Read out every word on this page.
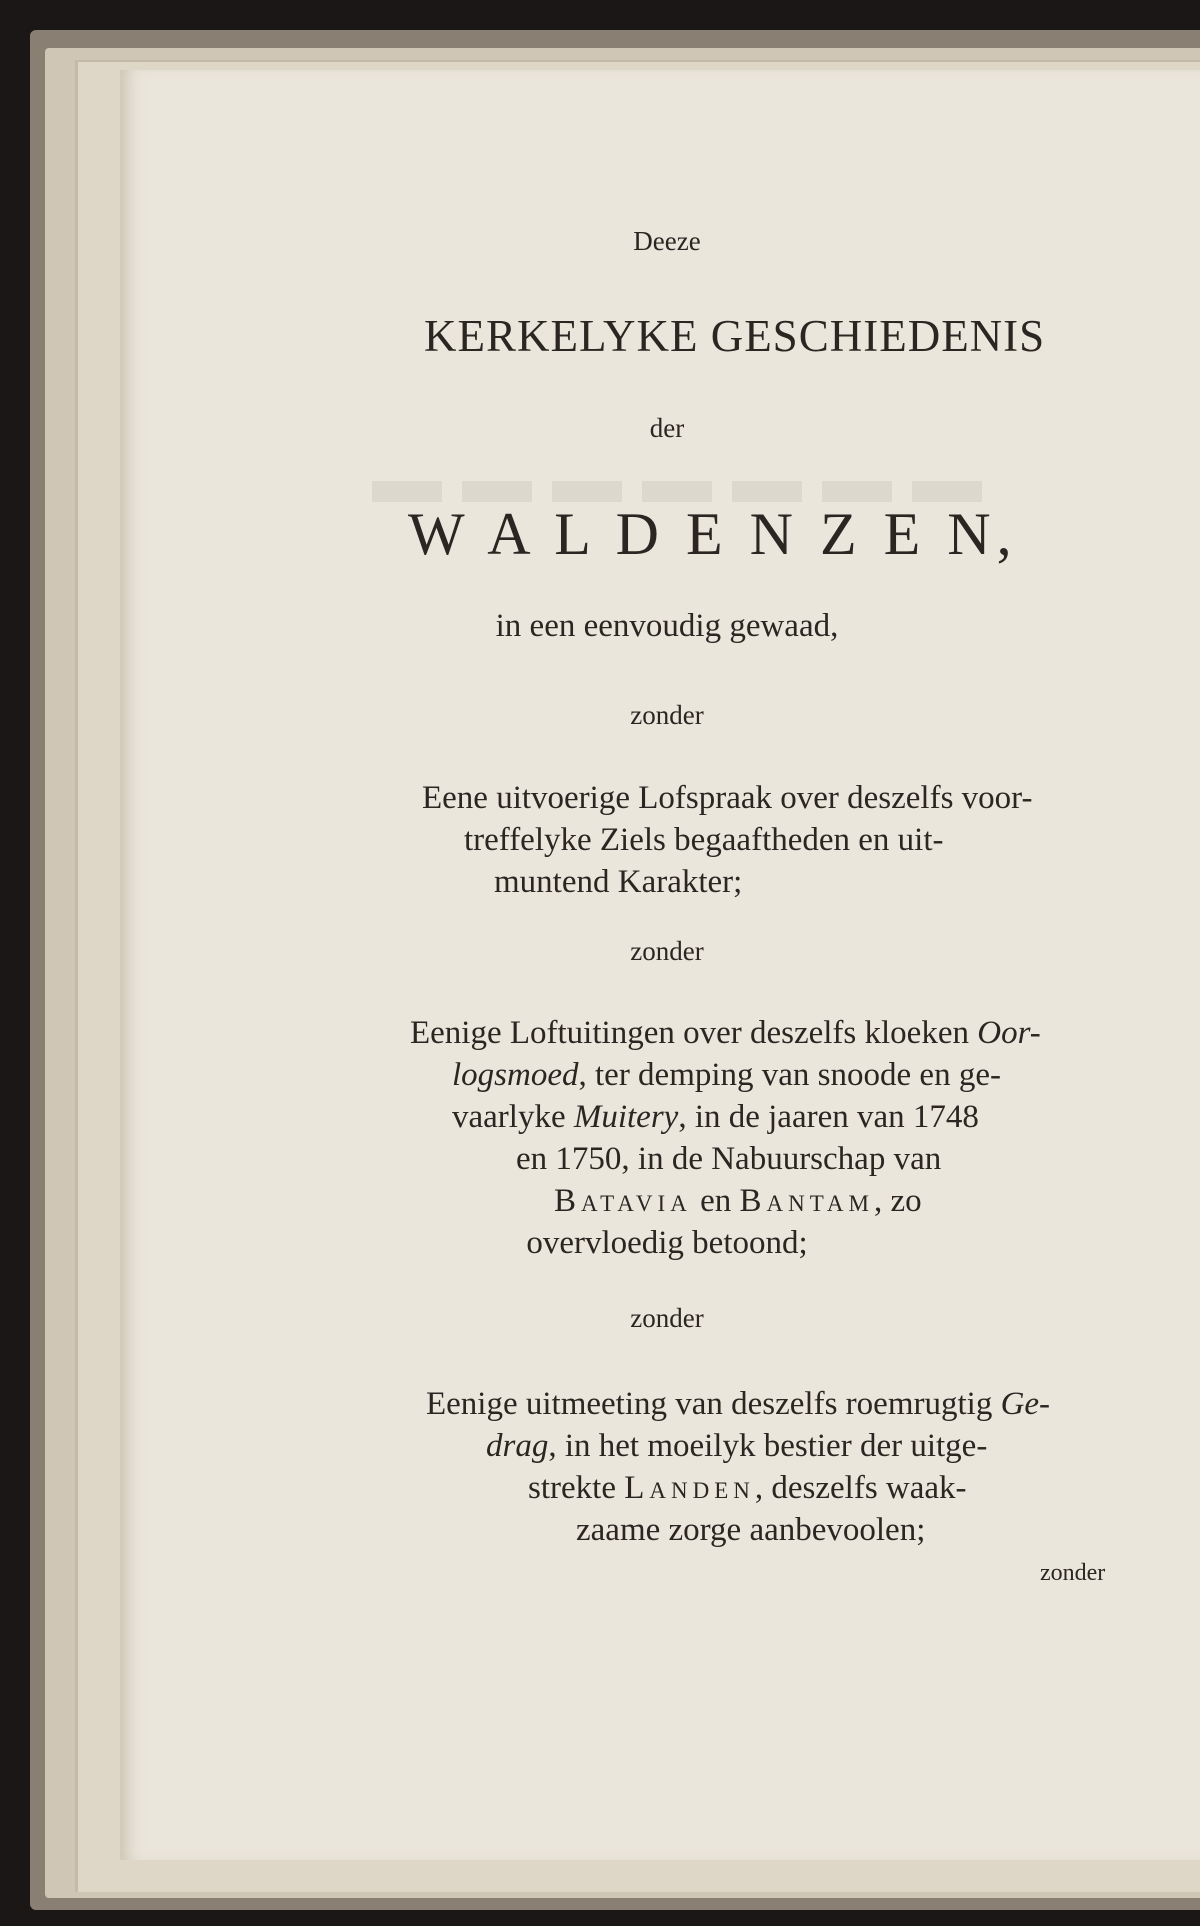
▬▬▬▬▬▬▬
Deeze
KERKELYKE GESCHIEDENIS
der
W A L D E N Z E N,
in een eenvoudig gewaad,
zonder
Eene uitvoerige Lofspraak over deszelfs voor-
treffelyke Ziels begaaftheden en uit-
muntend Karakter;
zonder
Eenige Loftuitingen over deszelfs kloeken Oor-
logsmoed, ter demping van snoode en ge-
vaarlyke Muitery, in de jaaren van 1748
en 1750, in de Nabuurschap van
Batavia en Bantam, zo
overvloedig betoond;
zonder
Eenige uitmeeting van deszelfs roemrugtig Ge-
drag, in het moeilyk bestier der uitge-
strekte Landen, deszelfs waak-
zaame zorge aanbevoolen;
zonder
